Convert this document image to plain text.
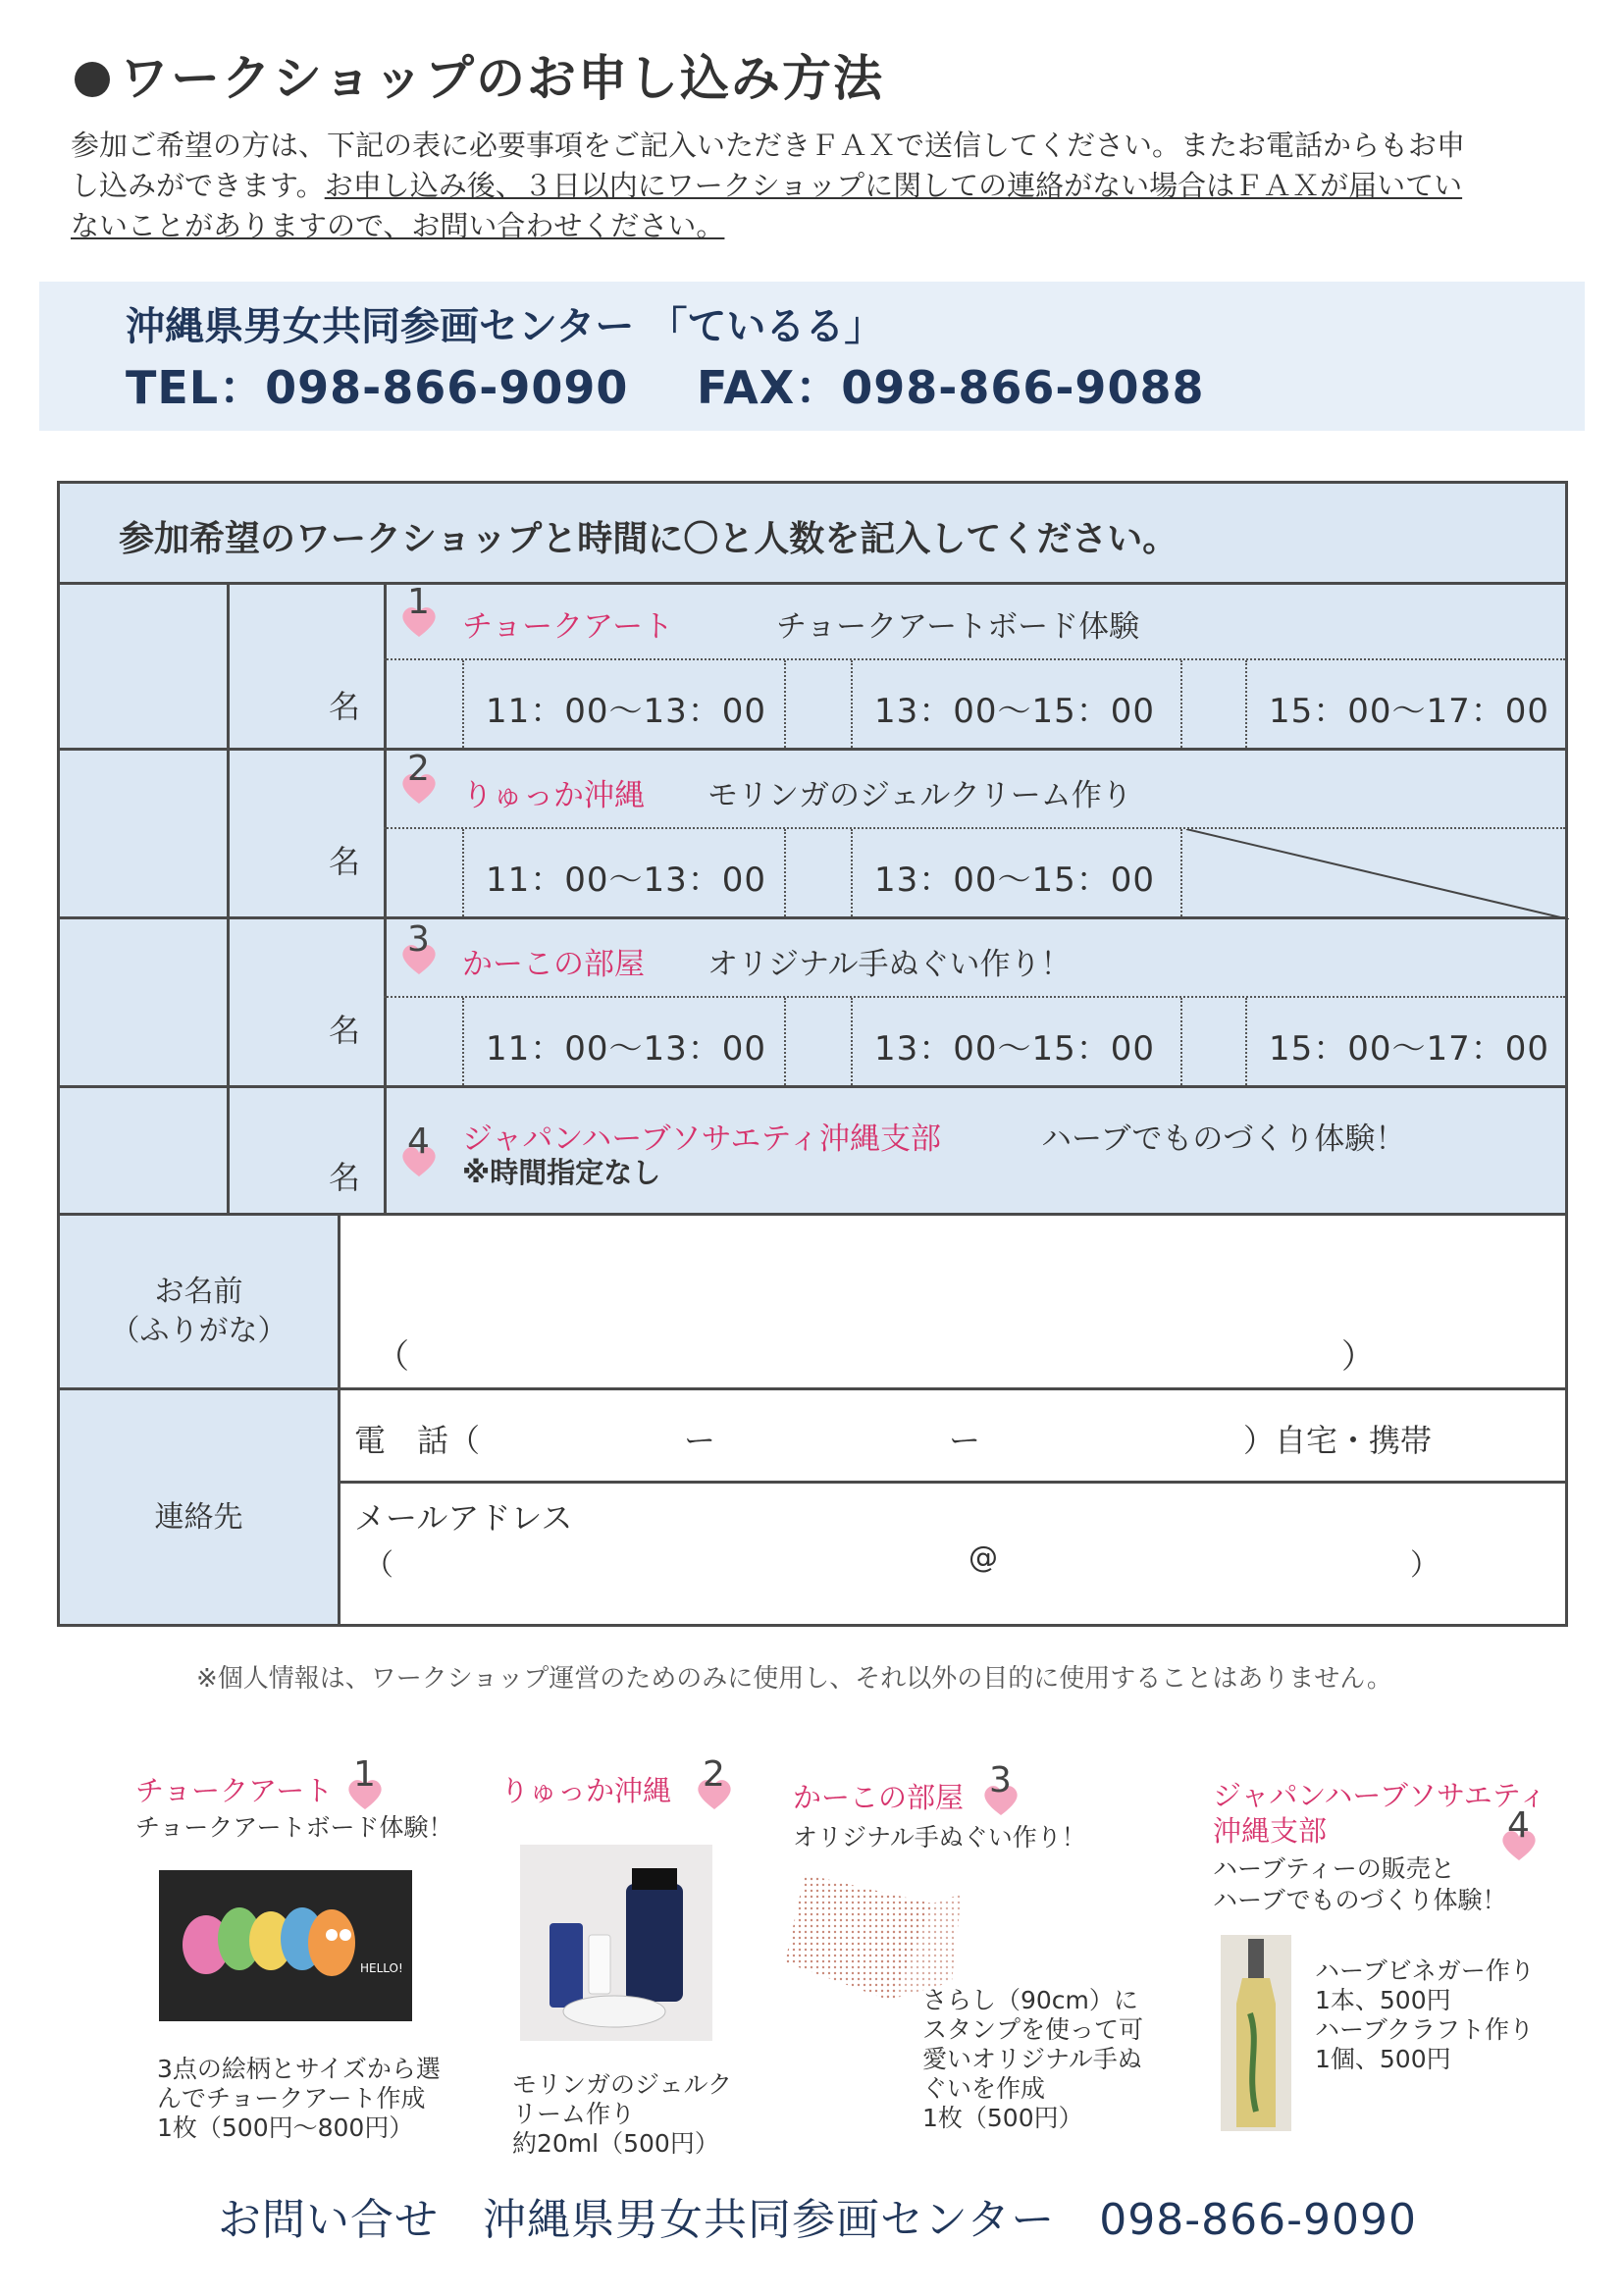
ワークショップのお申し込み方法
参加ご希望の方は、下記の表に必要事項をご記入いただきＦＡＸで送信してください。またお電話からもお申
し込みができます。お申し込み後、３日以内にワークショップに関しての連絡がない場合はＦＡＸが届いてい
ないことがありますので、お問い合わせください。
沖縄県男女共同参画センター 「ているる」
TEL：098-866-9090 FAX：098-866-9088
参加希望のワークショップと時間に〇と人数を記入してください。
名
1
チョークアート	チョークアートボード体験
11：00〜13：00	13：00〜15：00	15：00〜17：00
名
2
りゅっか沖縄 モリンガのジェルクリーム作り
11：00〜13：00	13：00〜15：00
名
3
かーこの部屋 オリジナル手ぬぐい作り！
11：00〜13：00	13：00〜15：00	15：00〜17：00
名
4 ジャパンハーブソサエティ沖縄支部	ハーブでものづくり体験！
※時間指定なし
お名前
（ふりがな）
（	）
連絡先
電　話（	ー	ー	）自宅・携帯
メールアドレス
（	@	）
※個人情報は、ワークショップ運営のためのみに使用し、それ以外の目的に使用することはありません。
チョークアート 1
チョークアートボード体験！
HELLO!
3点の絵柄とサイズから選
んでチョークアート作成
1枚（500円〜800円）
りゅっか沖縄 2
モリンガのジェルク
リーム作り
約20ml（500円）
かーこの部屋 3
オリジナル手ぬぐい作り！
さらし（90cm）に
スタンプを使って可
愛いオリジナル手ぬ
ぐいを作成
1枚（500円）
ジャパンハーブソサエティ
沖縄支部	4
ハーブティーの販売と
ハーブでものづくり体験！
ハーブビネガー作り
1本、500円
ハーブクラフト作り
1個、500円
お問い合せ　沖縄県男女共同参画センター　098-866-9090
